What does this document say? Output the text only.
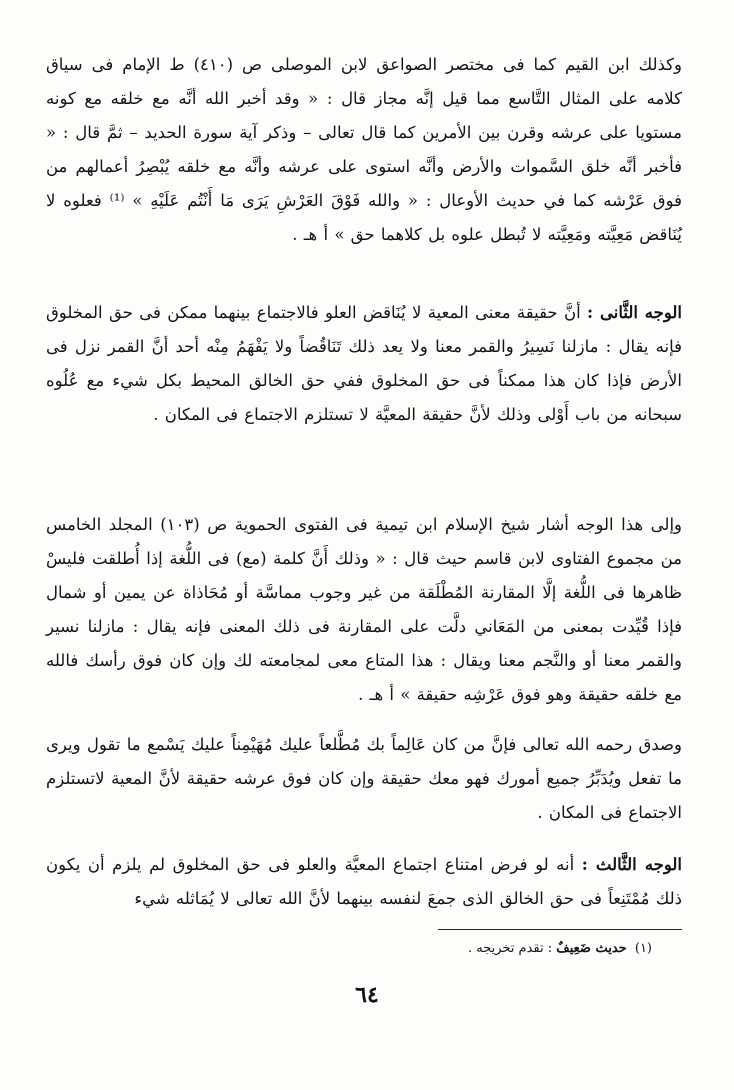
وكذلك ابن القيم كما فى مختصر الصواعق لابن الموصلى ص (٤١٠) ط الإمام فى سياق كلامه على المثال التَّاسع مما قيل إنَّه مجاز قال : « وقد أخبر الله أنَّه مع خلقه مع كونه مستويا على عرشه وقرن بين الأمرين كما قال تعالى – وذكر آية سورة الحديد – ثمَّ قال : « فأخبر أنَّه خلق السَّموات والأرض وأنَّه استوى على عرشه وأنَّه مع خلقه يُبْصِرُ أعمالهم من فوق عَرْشه كما في حديث الأوعال : « والله فَوْقَ العَرْشِ يَرَى مَا أَنْتُم عَلَيْهِ » ⁽¹⁾ فعلوه لا يُنَاقض مَعِيَّته ومَعِيَّته لا تُبطل علوه بل كلاهما حق » أ هـ .
الوجه الثَّانى : أنَّ حقيقة معنى المعية لا يُنَاقض العلو فالاجتماع بينهما ممكن فى حق المخلوق فإنه يقال : مازلنا نَسِيرُ والقمر معنا ولا يعد ذلك تَنَاقُضاً ولا يَفْهَمُ مِنْه أحد أنَّ القمر نزل فى الأرض فإذا كان هذا ممكناً فى حق المخلوق ففي حق الخالق المحيط بكل شيء مع عُلُوه سبحانه من باب أَوْلى وذلك لأنَّ حقيقة المعيَّة لا تستلزم الاجتماع فى المكان .
وإلى هذا الوجه أشار شيخ الإسلام ابن تيمية فى الفتوى الحموية ص (١٠٣) المجلد الخامس من مجموع الفتاوى لابن قاسم حيث قال : « وذلك أَنَّ كلمة (مع) فى اللُّغة إذا أُطلقت فليسْ ظاهرها فى اللُّغة إلَّا المقارنة المُطْلَقة من غير وجوب مماسَّة أو مُحَاذاة عن يمين أو شمال فإذا قُيِّدت بمعنى من المَعَاني دلَّت على المقارنة فى ذلك المعنى فإنه يقال : مازلنا نسير والقمر معنا أو والنَّجم معنا ويقال : هذا المتاع معى لمجامعته لك وإن كان فوق رأسك فالله مع خلقه حقيقة وهو فوق عَرْشِه حقيقة » أ هـ .
وصدق رحمه الله تعالى فإنَّ من كان عَالِماً بك مُطَّلعاً عليك مُهَيْمِناً عليك يَسْمع ما تقول ويرى ما تفعل ويُدَبِّرُ جميع أمورك فهو معك حقيقة وإن كان فوق عرشه حقيقة لأنَّ المعية لاتستلزم الاجتماع فى المكان .
الوجه الثَّالث : أنه لو فرض امتناع اجتماع المعيَّة والعلو فى حق المخلوق لم يلزم أن يكون ذلك مُمْتَنِعاً فى حق الخالق الذى جمعَ لنفسه بينهما لأنَّ الله تعالى لا يُمَاثله شيء
(١) حديث ضَعِيفٌ : تقدم تخريجه .
٦٤
